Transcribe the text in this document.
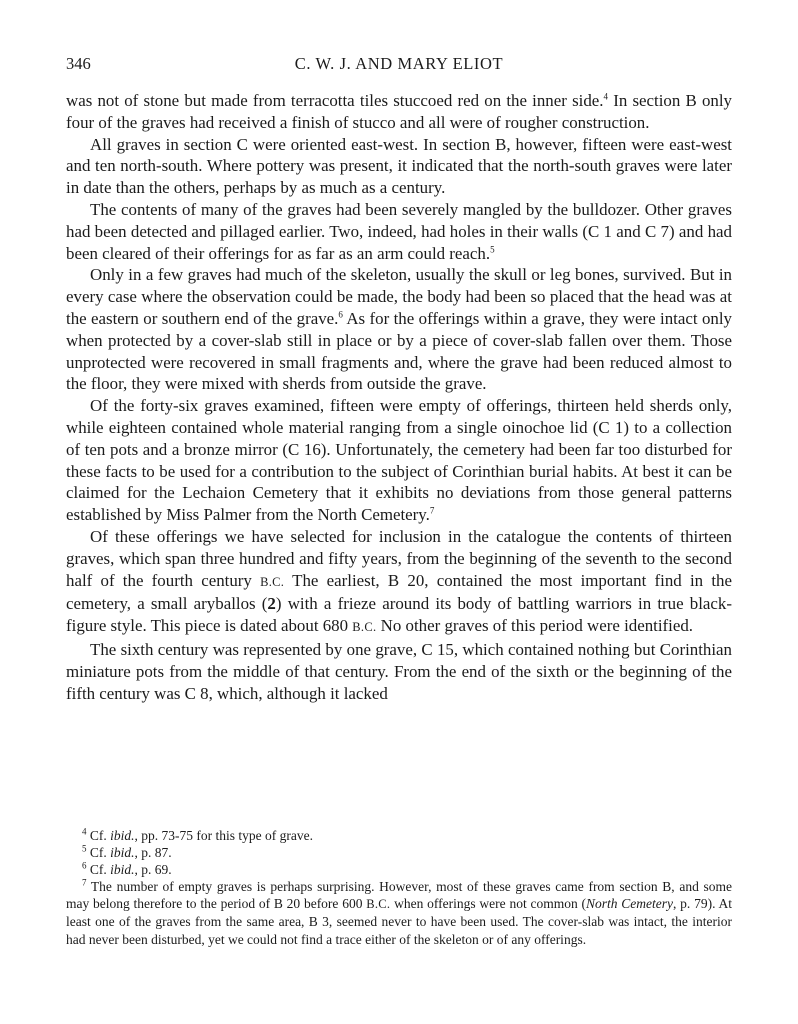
346	C. W. J. AND MARY ELIOT

was not of stone but made from terracotta tiles stuccoed red on the inner side.$^4$ In section B only four of the graves had received a finish of stucco and all were of rougher construction.

All graves in section C were oriented east-west. In section B, however, fifteen were east-west and ten north-south. Where pottery was present, it indicated that the north-south graves were later in date than the others, perhaps by as much as a century.

The contents of many of the graves had been severely mangled by the bulldozer. Other graves had been detected and pillaged earlier. Two, indeed, had holes in their walls (C 1 and C 7) and had been cleared of their offerings for as far as an arm could reach.$^5$

Only in a few graves had much of the skeleton, usually the skull or leg bones, survived. But in every case where the observation could be made, the body had been so placed that the head was at the eastern or southern end of the grave.$^6$ As for the offerings within a grave, they were intact only when protected by a cover-slab still in place or by a piece of cover-slab fallen over them. Those unprotected were recovered in small fragments and, where the grave had been reduced almost to the floor, they were mixed with sherds from outside the grave.

Of the forty-six graves examined, fifteen were empty of offerings, thirteen held sherds only, while eighteen contained whole material ranging from a single oinochoe lid (C 1) to a collection of ten pots and a bronze mirror (C 16). Unfortunately, the cemetery had been far too disturbed for these facts to be used for a contribution to the subject of Corinthian burial habits. At best it can be claimed for the Lechaion Cemetery that it exhibits no deviations from those general patterns established by Miss Palmer from the North Cemetery.$^7$

Of these offerings we have selected for inclusion in the catalogue the contents of thirteen graves, which span three hundred and fifty years, from the beginning of the seventh to the second half of the fourth century B.C. The earliest, B 20, contained the most important find in the cemetery, a small aryballos (2) with a frieze around its body of battling warriors in true black-figure style. This piece is dated about 680 B.C. No other graves of this period were identified.

The sixth century was represented by one grave, C 15, which contained nothing but Corinthian miniature pots from the middle of that century. From the end of the sixth or the beginning of the fifth century was C 8, which, although it lacked

$^4$ Cf. ibid., pp. 73-75 for this type of grave.

$^5$ Cf. ibid., p. 87.

$^6$ Cf. ibid., p. 69.

$^7$ The number of empty graves is perhaps surprising. However, most of these graves came from section B, and some may belong therefore to the period of B 20 before 600 B.C. when offerings were not common (North Cemetery, p. 79). At least one of the graves from the same area, B 3, seemed never to have been used. The cover-slab was intact, the interior had never been disturbed, yet we could not find a trace either of the skeleton or of any offerings.
